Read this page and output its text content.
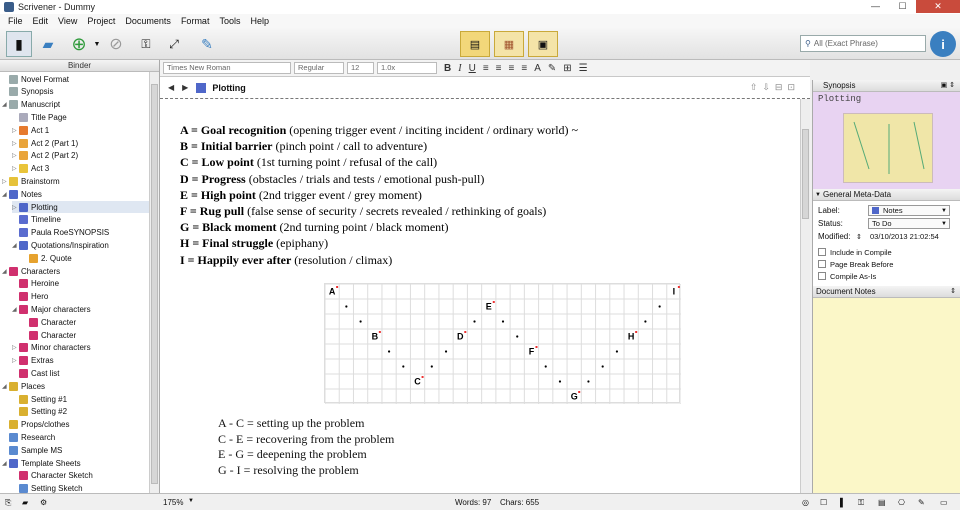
Scrivener - Dummy	—	☐	✕
File	Edit	View	Project	Documents	Format	Tools	Help
▮	▰	⊕ ▼ ⊘	⚿	⤢	✎	▤	▦	▣	i
⚲ All (Exact Phrase)
Binder
Novel Format
Synopsis
◢ Manuscript
Title Page
▷ Act 1
▷ Act 2 (Part 1)
▷ Act 2 (Part 2)
▷ Act 3
▷ Brainstorm
◢ Notes
▷ Plotting
Timeline
Paula RoeSYNOPSIS
◢ Quotations/Inspiration
2. Quote
◢ Characters
Heroine
Hero
◢ Major characters
Character
Character
▷ Minor characters
▷ Extras
Cast list
◢ Places
Setting #1
Setting #2
Props/clothes
Research
Sample MS
◢ Template Sheets
Character Sketch
Setting Sketch
Times New Roman	Regular	12	1.0x	B I U ≡ ≡ ≡ ≡ A ✎ ⊞ ☰
◀ ▶	Plotting	⇧⇩⊟⊡
A = Goal recognition (opening trigger event / inciting incident / ordinary world) ~
B = Initial barrier (pinch point / call to adventure)
C = Low point (1st turning point / refusal of the call)
D = Progress (obstacles / trials and tests / emotional push-pull)
E = High point (2nd trigger event / grey moment)
F = Rug pull (false sense of security / secrets revealed / rethinking of goals)
G = Black moment (2nd turning point / black moment)
H = Final struggle (epiphany)
I = Happily ever after (resolution / climax)
A
B
C
D
E
F
G
H
I
A - C = setting up the problem
C - E = recovering from the problem
E - G = deepening the problem
G - I = resolving the problem
Synopsis	▣ ⇕
Plotting
▼ General Meta-Data
Label:	Notes	▼
Status:	To Do	▼
Modified: ⇕	03/10/2013 21:02:54
Include in Compile
Page Break Before
Compile As-Is
Document Notes	⇕
⎘ ▰ ⚙	175% ▼	Words: 97 Chars: 655	◎ ☐ ▌ ⚿ ▤ ⎔ ✎ ▭
